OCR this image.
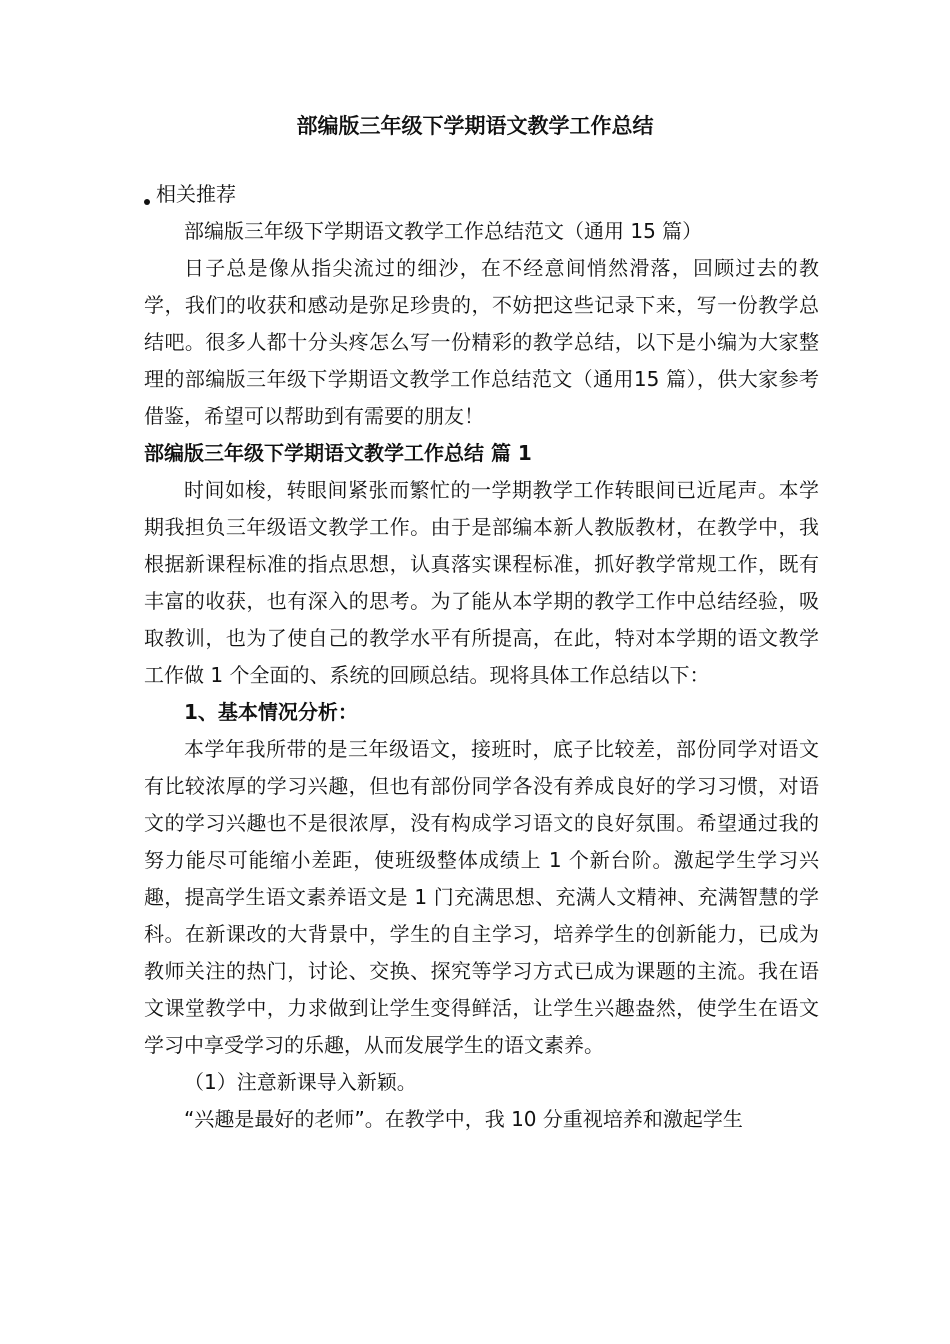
部编版三年级下学期语文教学工作总结

相关推荐

部编版三年级下学期语文教学工作总结范文（通用 15 篇）

日子总是像从指尖流过的细沙，在不经意间悄然滑落，回顾过去的教学，我们的收获和感动是弥足珍贵的，不妨把这些记录下来，写一份教学总结吧。很多人都十分头疼怎么写一份精彩的教学总结，以下是小编为大家整理的部编版三年级下学期语文教学工作总结范文（通用15 篇），供大家参考借鉴，希望可以帮助到有需要的朋友！

部编版三年级下学期语文教学工作总结 篇 1

时间如梭，转眼间紧张而繁忙的一学期教学工作转眼间已近尾声。本学期我担负三年级语文教学工作。由于是部编本新人教版教材，在教学中，我根据新课程标准的指点思想，认真落实课程标准，抓好教学常规工作，既有丰富的收获，也有深入的思考。为了能从本学期的教学工作中总结经验，吸取教训，也为了使自己的教学水平有所提高，在此，特对本学期的语文教学工作做 1 个全面的、系统的回顾总结。现将具体工作总结以下：

1、基本情况分析：

本学年我所带的是三年级语文，接班时，底子比较差，部份同学对语文有比较浓厚的学习兴趣，但也有部份同学各没有养成良好的学习习惯，对语文的学习兴趣也不是很浓厚，没有构成学习语文的良好氛围。希望通过我的努力能尽可能缩小差距，使班级整体成绩上 1 个新台阶。激起学生学习兴趣，提高学生语文素养语文是 1 门充满思想、充满人文精神、充满智慧的学科。在新课改的大背景中，学生的自主学习，培养学生的创新能力，已成为教师关注的热门，讨论、交换、探究等学习方式已成为课题的主流。我在语文课堂教学中，力求做到让学生变得鲜活，让学生兴趣盎然，使学生在语文学习中享受学习的乐趣，从而发展学生的语文素养。

（1）注意新课导入新颖。

“兴趣是最好的老师”。在教学中，我 10 分重视培养和激起学生
